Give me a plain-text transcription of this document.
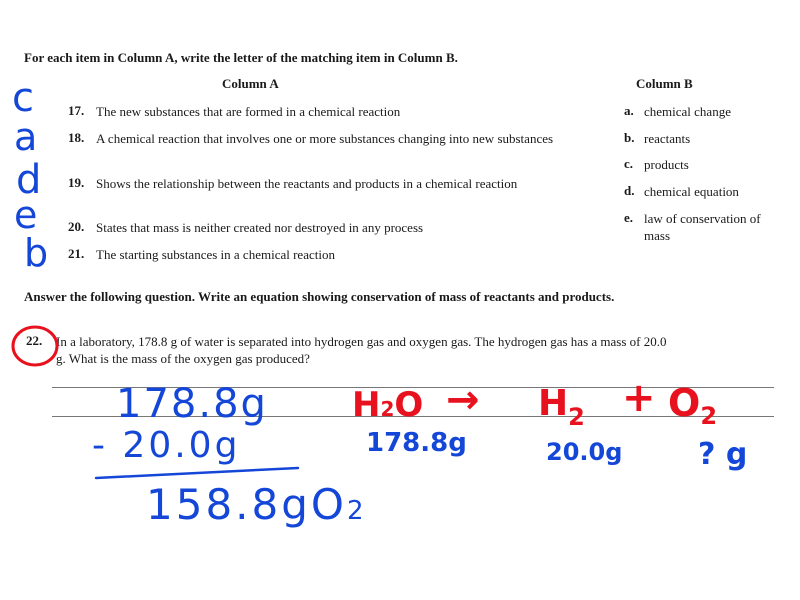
For each item in Column A, write the letter of the matching item in Column B.
Column A	Column B
17. The new substances that are formed in a chemical reaction
18. A chemical reaction that involves one or more substances changing into new substances
19. Shows the relationship between the reactants and products in a chemical reaction
20. States that mass is neither created nor destroyed in any process
21. The starting substances in a chemical reaction
a. chemical change
b. reactants
c. products
d. chemical equation
e. law of conservation of mass
c
a
d
e
b
Answer the following question. Write an equation showing conservation of mass of reactants and products.
22. In a laboratory, 178.8 g of water is separated into hydrogen gas and oxygen gas. The hydrogen gas has a mass of 20.0 g. What is the mass of the oxygen gas produced?
178.8g
- 20.0g
158.8gO2
$H2O \to H_2 + O_2$
178.8g	20.0g	? g
